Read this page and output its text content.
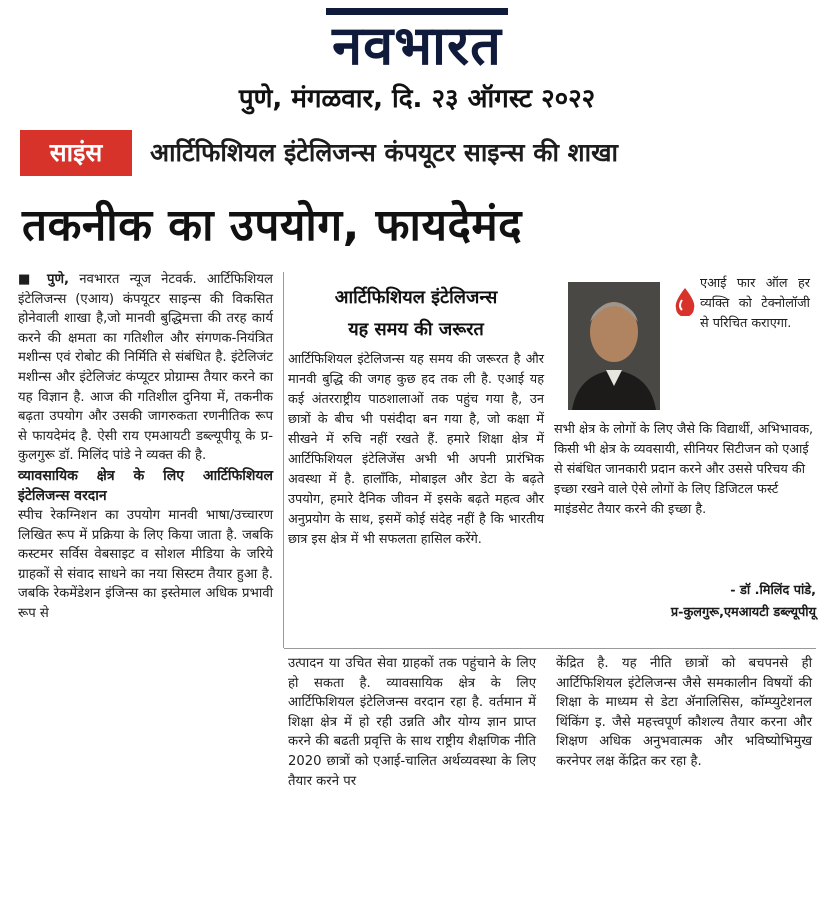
नवभारत
पुणे, मंगळवार, दि. २३ ऑगस्ट २०२२
साइंस	आर्टिफिशियल इंटेलिजन्स कंपयूटर साइन्स की शाखा
तकनीक का उपयोग, फायदेमंद

■ पुणे, नवभारत न्यूज नेटवर्क. आर्टिफिशियल इंटेलिजन्स (एआय) कंपयूटर साइन्स की विकसित होनेवाली शाखा है,जो मानवी बुद्धिमत्ता की तरह कार्य करने की क्षमता का गतिशील और संगणक-नियंत्रित मशीन्स एवं रोबोट की निर्मिति से संबंधित है. इंटेलिजंट मशीन्स और इंटेलिजंट कंप्यूटर प्रोग्राम्स तैयार करने का यह विज्ञान है. आज की गतिशील दुनिया में, तकनीक बढ़ता उपयोग और उसकी जागरुकता रणनीतिक रूप से फायदेमंद है. ऐसी राय एमआयटी डब्ल्यूपीयू के प्र-कुलगुरू डॉ. मिलिंद पांडे ने व्यक्त की है.

व्यावसायिक क्षेत्र के लिए आर्टिफिशियल इंटेलिजन्स वरदान

स्पीच रेकग्निशन का उपयोग मानवी भाषा/उच्चारण लिखित रूप में प्रक्रिया के लिए किया जाता है. जबकि कस्टमर सर्विस वेबसाइट व सोशल मीडिया के जरिये ग्राहकों से संवाद साधने का नया सिस्टम तैयार हुआ है. जबकि रेकमेंडेशन इंजिन्स का इस्तेमाल अधिक प्रभावी रूप से

आर्टिफिशियल इंटेलिजन्स
यह समय की जरूरत
आर्टिफिशियल इंटेलिजन्स यह समय की जरूरत है और मानवी बुद्धि की जगह कुछ हद तक ली है. एआई यह कई अंतरराष्ट्रीय पाठशालाओं तक पहुंच गया है, उन छात्रों के बीच भी पसंदीदा बन गया है, जो कक्षा में सीखने में रुचि नहीं रखते हैं. हमारे शिक्षा क्षेत्र में आर्टिफिशियल इंटेलिजेंस अभी भी अपनी प्रारंभिक अवस्था में है. हालाँकि, मोबाइल और डेटा के बढ़ते उपयोग, हमारे दैनिक जीवन में इसके बढ़ते महत्व और अनुप्रयोग के साथ, इसमें कोई संदेह नहीं है कि भारतीय छात्र इस क्षेत्र में भी सफलता हासिल करेंगे.
एआई फार ऑल हर व्यक्ति को टेक्नोलॉजी से परिचित कराएगा.
सभी क्षेत्र के लोगों के लिए जैसे कि विद्यार्थी, अभिभावक, किसी भी क्षेत्र के व्यवसायी, सीनियर सिटीजन को एआई से संबंधित जानकारी प्रदान करने और उससे परिचय की इच्छा रखने वाले ऐसे लोगों के लिए डिजिटल फर्स्ट माइंडसेट तैयार करने की इच्छा है.
- डॉ .मिलिंद पांडे,
प्र-कुलगुरू,एमआयटी डब्ल्यूपीयू
उत्पादन या उचित सेवा ग्राहकों तक पहुंचाने के लिए हो सकता है. व्यावसायिक क्षेत्र के लिए आर्टिफिशियल इंटेलिजन्स वरदान रहा है. वर्तमान में शिक्षा क्षेत्र में हो रही उन्नति और योग्य ज्ञान प्राप्त करने की बढती प्रवृत्ति के साथ राष्ट्रीय शैक्षणिक नीति 2020 छात्रों को एआई-चालित अर्थव्यवस्था के लिए तैयार करने पर
केंद्रित है. यह नीति छात्रों को बचपनसे ही आर्टिफिशियल इंटेलिजन्स जैसे समकालीन विषयों की शिक्षा के माध्यम से डेटा ॲनालिसिस, कॉम्प्युटेशनल थिंकिंग इ. जैसे महत्त्वपूर्ण कौशल्य तैयार करना और शिक्षण अधिक अनुभवात्मक और भविष्योभिमुख करनेपर लक्ष केंद्रित कर रहा है.
